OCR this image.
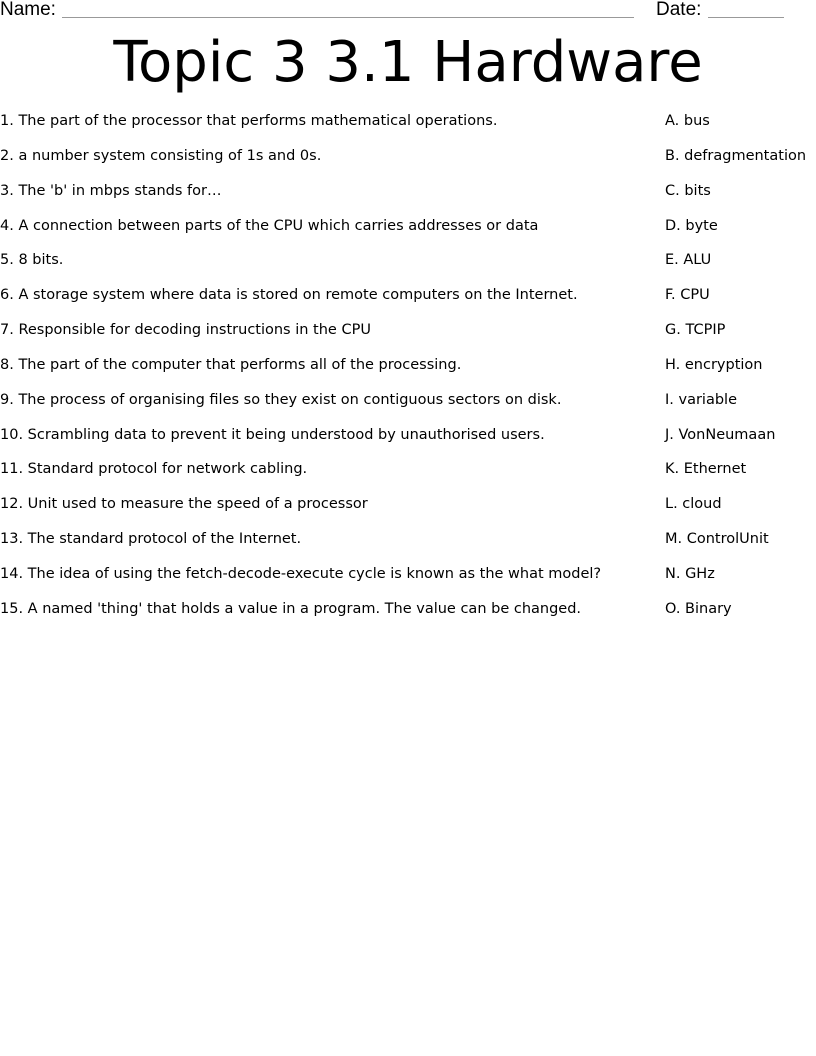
Name:	Date:
Topic 3 3.1 Hardware
1. The part of the processor that performs mathematical operations.	A. bus
2. a number system consisting of 1s and 0s.	B. defragmentation
3. The 'b' in mbps stands for…	C. bits
4. A connection between parts of the CPU which carries addresses or data	D. byte
5. 8 bits.	E. ALU
6. A storage system where data is stored on remote computers on the Internet.	F. CPU
7. Responsible for decoding instructions in the CPU	G. TCPIP
8. The part of the computer that performs all of the processing.	H. encryption
9. The process of organising files so they exist on contiguous sectors on disk.	I. variable
10. Scrambling data to prevent it being understood by unauthorised users.	J. VonNeumaan
11. Standard protocol for network cabling.	K. Ethernet
12. Unit used to measure the speed of a processor	L. cloud
13. The standard protocol of the Internet.	M. ControlUnit
14. The idea of using the fetch-decode-execute cycle is known as the what model?	N. GHz
15. A named 'thing' that holds a value in a program. The value can be changed.	O. Binary
